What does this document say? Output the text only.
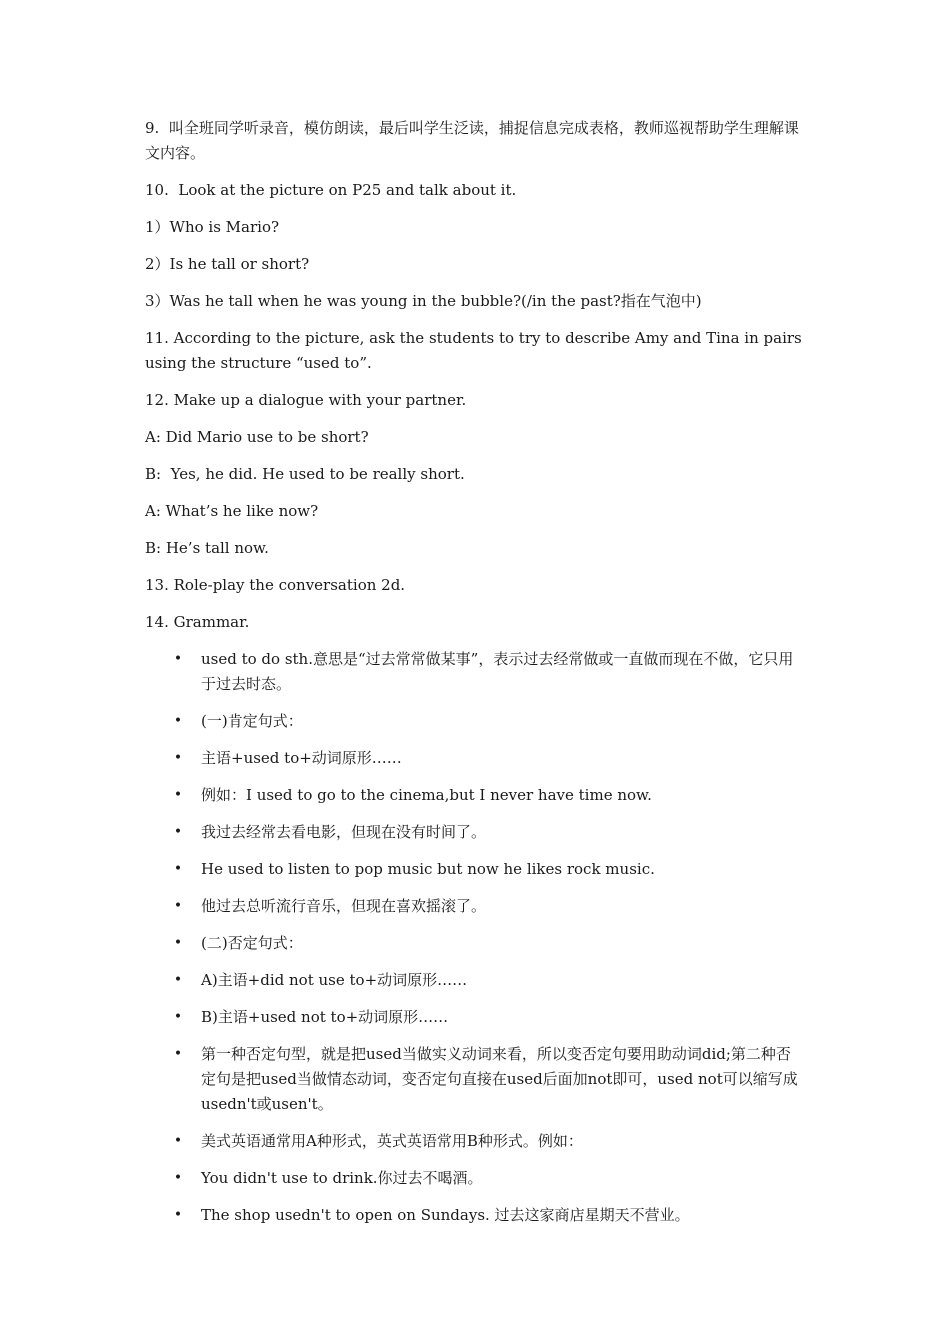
9.  叫全班同学听录音，模仿朗读，最后叫学生泛读，捕捉信息完成表格，教师巡视帮助学生理解课文内容。

10.  Look at the picture on P25 and talk about it.

1）Who is Mario?

2）Is he tall or short?

3）Was he tall when he was young in the bubble?(/in the past?指在气泡中)

11. According to the picture, ask the students to try to describe Amy and Tina in pairs using the structure “used to”.

12. Make up a dialogue with your partner.

A: Did Mario use to be short?

B:  Yes, he did. He used to be really short.

A: What’s he like now?

B: He’s tall now.

13. Role-play the conversation 2d.

14. Grammar.

• used to do sth.意思是“过去常常做某事”，表示过去经常做或一直做而现在不做，它只用于过去时态。
• (一)肯定句式：
• 主语+used to+动词原形……
• 例如：I used to go to the cinema,but I never have time now.
• 我过去经常去看电影，但现在没有时间了。
• He used to listen to pop music but now he likes rock music.
• 他过去总听流行音乐，但现在喜欢摇滚了。
• (二)否定句式：
• A)主语+did not use to+动词原形……
• B)主语+used not to+动词原形……
• 第一种否定句型，就是把used当做实义动词来看，所以变否定句要用助动词did;第二种否定句是把used当做情态动词，变否定句直接在used后面加not即可，used not可以缩写成usedn't或usen't。
• 美式英语通常用A种形式，英式英语常用B种形式。例如：
• You didn't use to drink.你过去不喝酒。
• The shop usedn't to open on Sundays. 过去这家商店星期天不营业。
